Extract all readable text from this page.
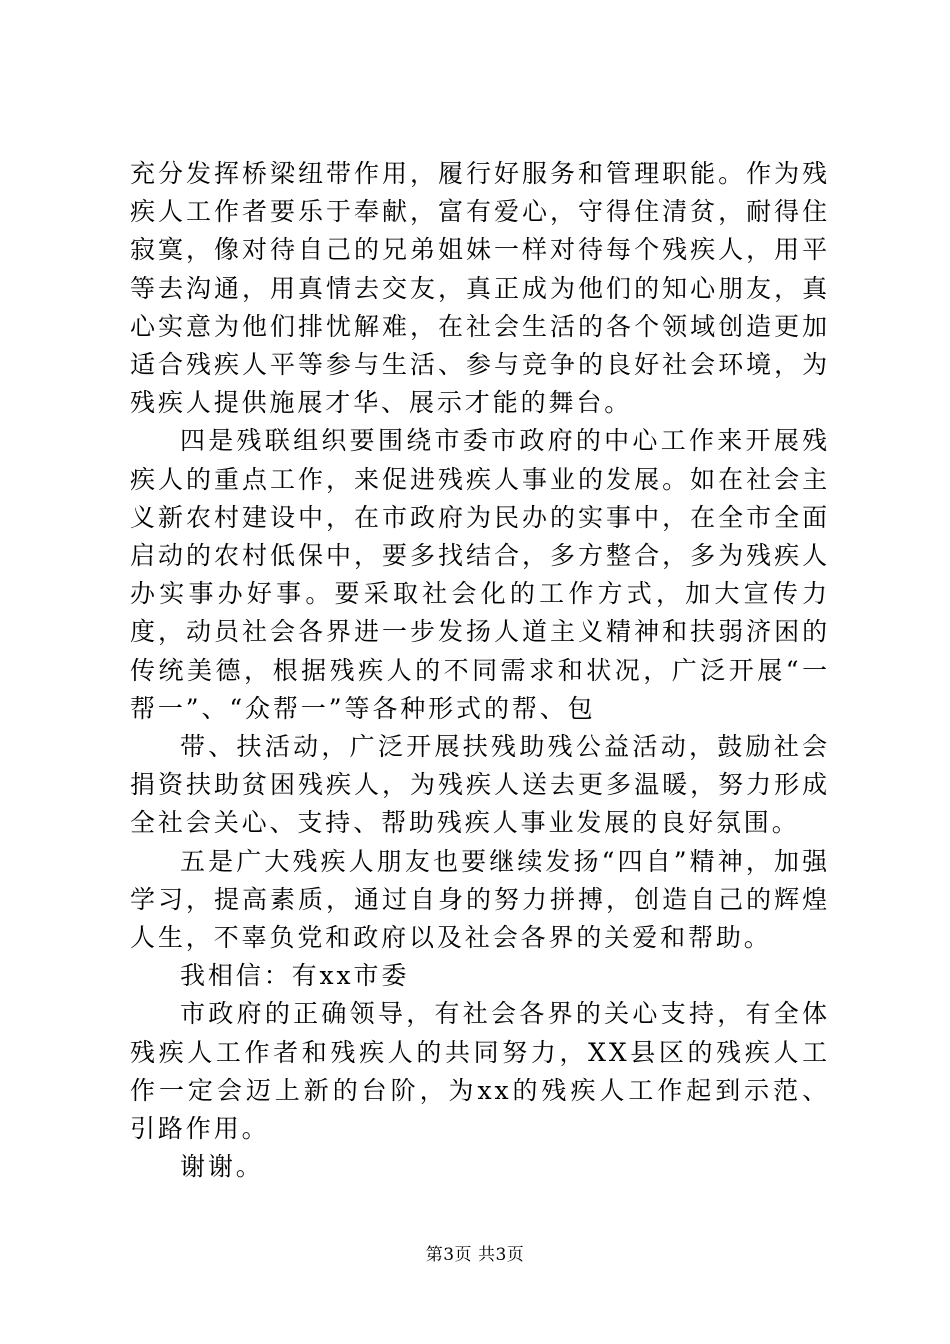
充分发挥桥梁纽带作用，履行好服务和管理职能。作为残疾人工作者要乐于奉献，富有爱心，守得住清贫，耐得住寂寞，像对待自己的兄弟姐妹一样对待每个残疾人，用平等去沟通，用真情去交友，真正成为他们的知心朋友，真心实意为他们排忧解难，在社会生活的各个领域创造更加适合残疾人平等参与生活、参与竞争的良好社会环境，为残疾人提供施展才华、展示才能的舞台。

四是残联组织要围绕市委市政府的中心工作来开展残疾人的重点工作，来促进残疾人事业的发展。如在社会主义新农村建设中，在市政府为民办的实事中，在全市全面启动的农村低保中，要多找结合，多方整合，多为残疾人办实事办好事。要采取社会化的工作方式，加大宣传力度，动员社会各界进一步发扬人道主义精神和扶弱济困的传统美德，根据残疾人的不同需求和状况，广泛开展“一帮一”、“众帮一”等各种形式的帮、包

带、扶活动，广泛开展扶残助残公益活动，鼓励社会捐资扶助贫困残疾人，为残疾人送去更多温暖，努力形成全社会关心、支持、帮助残疾人事业发展的良好氛围。

五是广大残疾人朋友也要继续发扬“四自”精神，加强学习，提高素质，通过自身的努力拼搏，创造自己的辉煌人生，不辜负党和政府以及社会各界的关爱和帮助。

我相信：有xx市委

市政府的正确领导，有社会各界的关心支持，有全体残疾人工作者和残疾人的共同努力，XX县区的残疾人工作一定会迈上新的台阶，为xx的残疾人工作起到示范、引路作用。

谢谢。

第3页 共3页
